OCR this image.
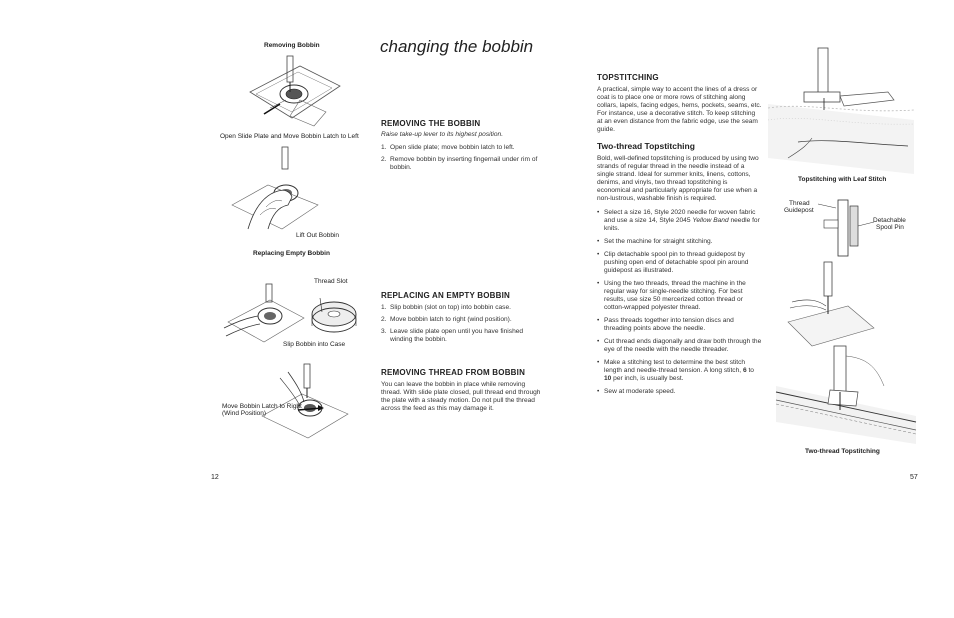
Removing Bobbin
Open Slide Plate and Move Bobbin Latch to Left
Lift Out Bobbin
Replacing Empty Bobbin
Thread Slot
Slip Bobbin into Case
Move Bobbin Latch to Right
(Wind Position)
12
changing the bobbin
REMOVING THE BOBBIN
Raise take-up lever to its highest position.
1. Open slide plate; move bobbin latch to left.
2. Remove bobbin by inserting fingernail under rim of bobbin.
REPLACING AN EMPTY BOBBIN
1. Slip bobbin (slot on top) into bobbin case.
2. Move bobbin latch to right (wind position).
3. Leave slide plate open until you have finished winding the bobbin.
REMOVING THREAD FROM BOBBIN
You can leave the bobbin in place while removing thread. With slide plate closed, pull thread end through the plate with a steady motion. Do not pull the thread across the feed as this may damage it.
TOPSTITCHING
A practical, simple way to accent the lines of a dress or coat is to place one or more rows of stitching along collars, lapels, facing edges, hems, pockets, seams, etc. For instance, use a decorative stitch. To keep stitching at an even distance from the fabric edge, use the seam guide.
Two-thread Topstitching
Bold, well-defined topstitching is produced by using two strands of regular thread in the needle instead of a single strand. Ideal for summer knits, linens, cottons, denims, and vinyls, two thread topstitching is economical and particularly appropriate for use when a non-lustrous, washable finish is required.
• Select a size 16, Style 2020 needle for woven fabric and use a size 14, Style 2045 Yellow Band needle for knits.
• Set the machine for straight stitching.
• Clip detachable spool pin to thread guidepost by pushing open end of detachable spool pin around guidepost as illustrated.
• Using the two threads, thread the machine in the regular way for single-needle stitching. For best results, use size 50 mercerized cotton thread or cotton-wrapped polyester thread.
• Pass threads together into tension discs and threading points above the needle.
• Cut thread ends diagonally and draw both through the eye of the needle with the needle threader.
• Make a stitching test to determine the best stitch length and needle-thread tension. A long stitch, 6 to 10 per inch, is usually best.
• Sew at moderate speed.
Topstitching with Leaf Stitch
Thread
Guidepost
Detachable
Spool Pin
Two-thread Topstitching
57
